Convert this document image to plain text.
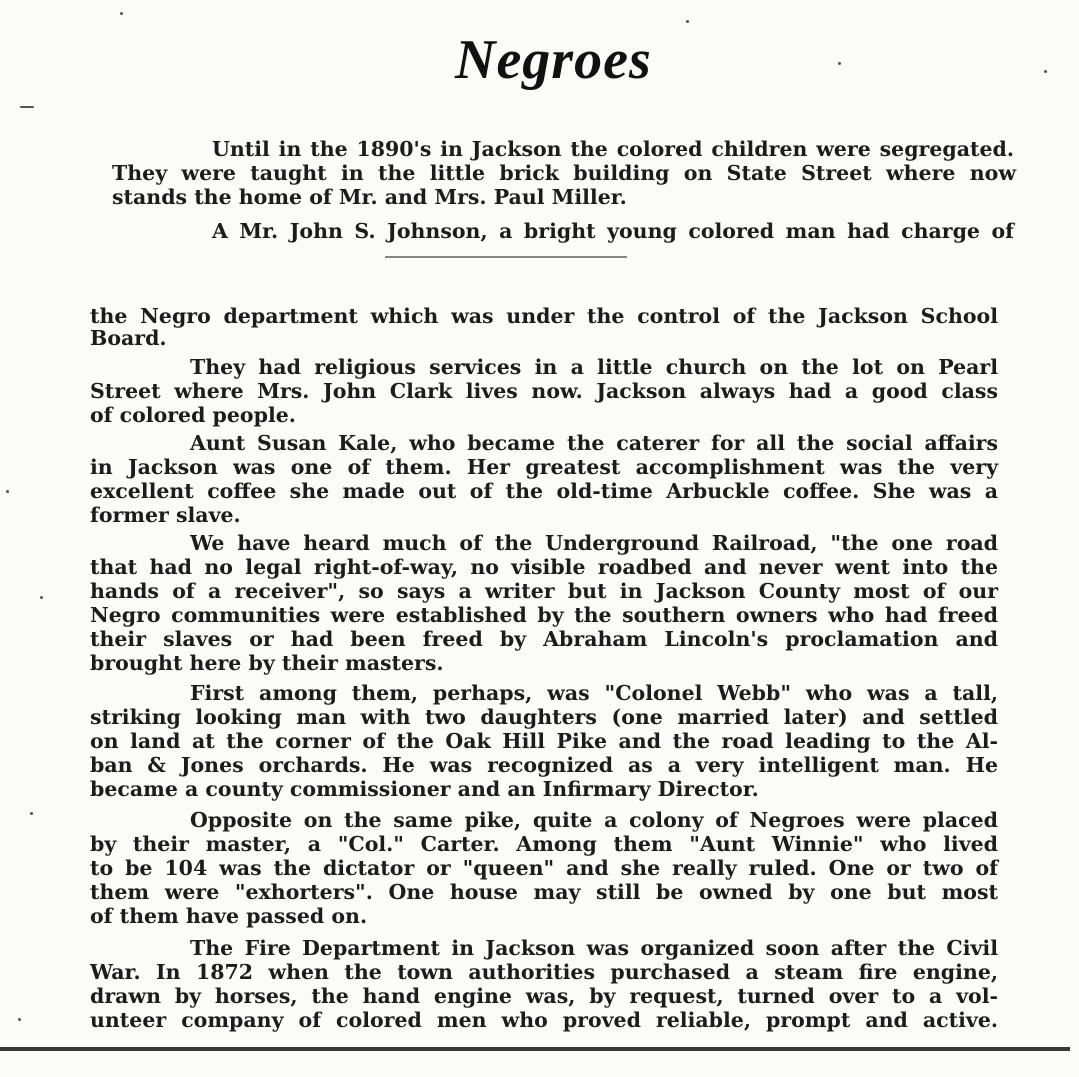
Negroes

Until in the 1890's in Jackson the colored children were segregated.

They were taught in the little brick building on State Street where now

stands the home of Mr. and Mrs. Paul Miller.

A Mr. John S. Johnson, a bright young colored man had charge of

the Negro department which was under the control of the Jackson School

Board.

They had religious services in a little church on the lot on Pearl

Street where Mrs. John Clark lives now. Jackson always had a good class

of colored people.

Aunt Susan Kale, who became the caterer for all the social affairs

in Jackson was one of them. Her greatest accomplishment was the very

excellent coffee she made out of the old-time Arbuckle coffee. She was a

former slave.

We have heard much of the Underground Railroad, "the one road

that had no legal right-of-way, no visible roadbed and never went into the

hands of a receiver", so says a writer but in Jackson County most of our

Negro communities were established by the southern owners who had freed

their slaves or had been freed by Abraham Lincoln's proclamation and

brought here by their masters.

First among them, perhaps, was "Colonel Webb" who was a tall,

striking looking man with two daughters (one married later) and settled

on land at the corner of the Oak Hill Pike and the road leading to the Al-

ban & Jones orchards. He was recognized as a very intelligent man. He

became a county commissioner and an Infirmary Director.

Opposite on the same pike, quite a colony of Negroes were placed

by their master, a "Col." Carter. Among them "Aunt Winnie" who lived

to be 104 was the dictator or "queen" and she really ruled. One or two of

them were "exhorters". One house may still be owned by one but most

of them have passed on.

The Fire Department in Jackson was organized soon after the Civil

War. In 1872 when the town authorities purchased a steam fire engine,

drawn by horses, the hand engine was, by request, turned over to a vol-

unteer company of colored men who proved reliable, prompt and active.
